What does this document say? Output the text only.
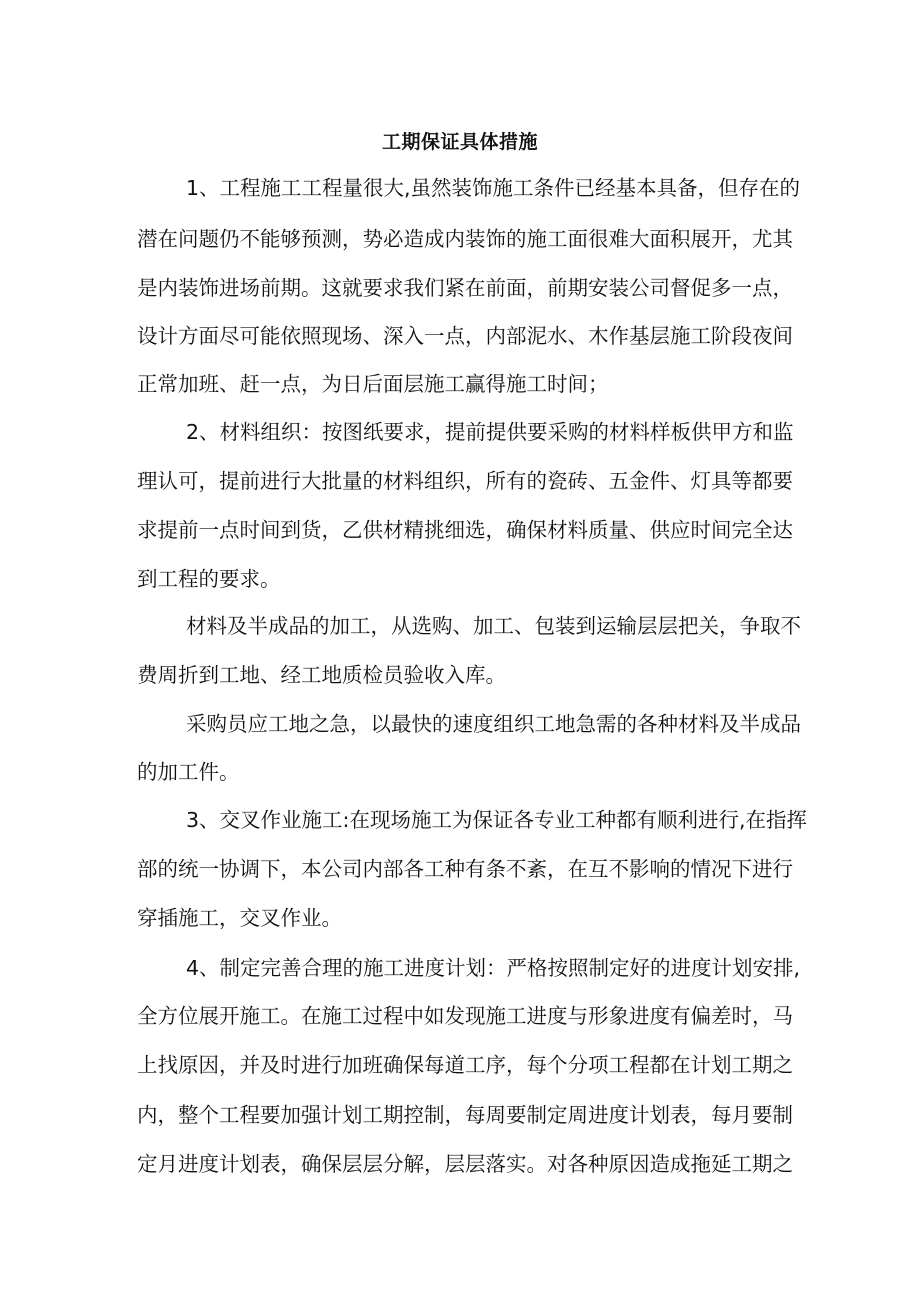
工期保证具体措施
1、工程施工工程量很大,虽然装饰施工条件已经基本具备，但存在的
潜在问题仍不能够预测，势必造成内装饰的施工面很难大面积展开，尤其
是内装饰进场前期。这就要求我们紧在前面，前期安装公司督促多一点，
设计方面尽可能依照现场、深入一点，内部泥水、木作基层施工阶段夜间
正常加班、赶一点，为日后面层施工赢得施工时间；
2、材料组织：按图纸要求，提前提供要采购的材料样板供甲方和监
理认可，提前进行大批量的材料组织，所有的瓷砖、五金件、灯具等都要
求提前一点时间到货，乙供材精挑细选，确保材料质量、供应时间完全达
到工程的要求。
材料及半成品的加工，从选购、加工、包装到运输层层把关，争取不
费周折到工地、经工地质检员验收入库。
采购员应工地之急，以最快的速度组织工地急需的各种材料及半成品
的加工件。
3、交叉作业施工:在现场施工为保证各专业工种都有顺利进行,在指挥
部的统一协调下，本公司内部各工种有条不紊，在互不影响的情况下进行
穿插施工，交叉作业。
4、制定完善合理的施工进度计划：严格按照制定好的进度计划安排,
全方位展开施工。在施工过程中如发现施工进度与形象进度有偏差时，马
上找原因，并及时进行加班确保每道工序，每个分项工程都在计划工期之
内，整个工程要加强计划工期控制，每周要制定周进度计划表，每月要制
定月进度计划表，确保层层分解，层层落实。对各种原因造成拖延工期之
